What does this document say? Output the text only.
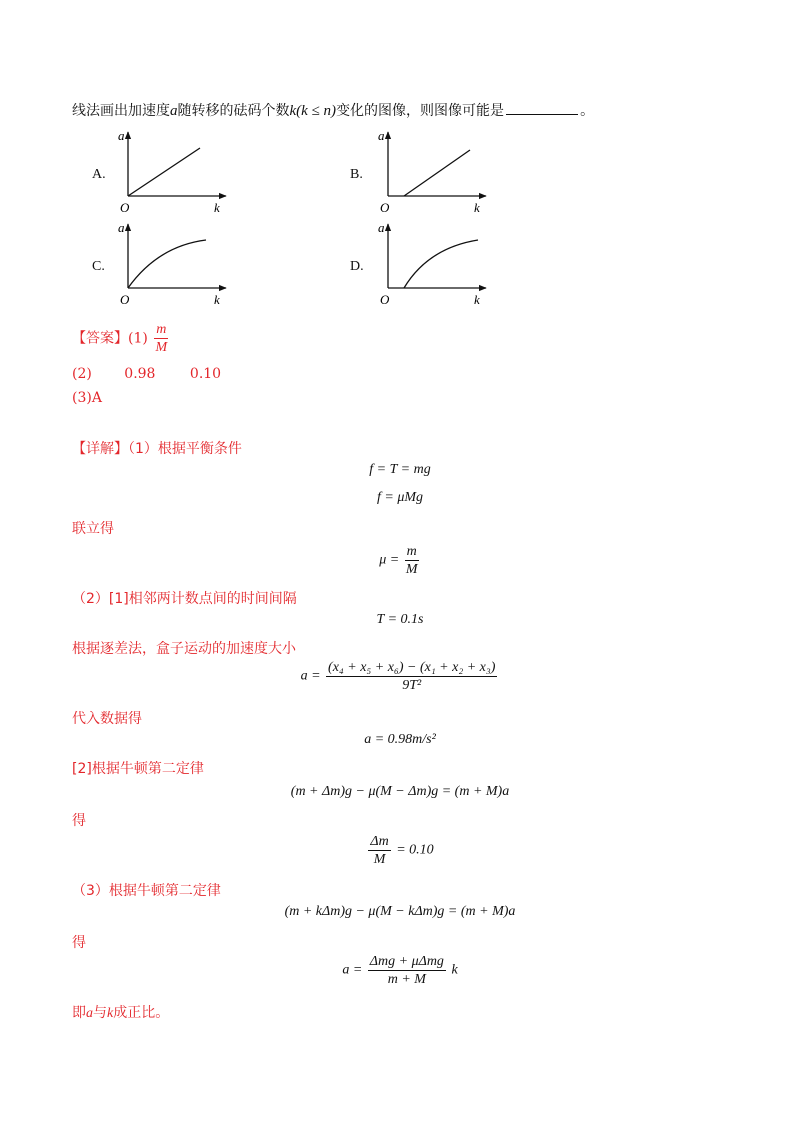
线法画出加速度a随转移的砝码个数k(k ≤ n)变化的图像，则图像可能是	。
A.
a
k
O
B.
a
k
O
C.
a
k
O
D.
a
k
O
【答案】$(1) \frac{m}{M}$
(2) 0.98 0.10
(3)A
【详解】（1）根据平衡条件
f = T = mg
f = μMg
联立得
$\mu = \frac{m}{M}$
（2）[1]相邻两计数点间的时间间隔
T = 0.1s
根据逐差法，盒子运动的加速度大小
$a = \frac{\text{(x₄ + x₅ + x₆) − (x₁ + x₂ + x₃)}}{\text{9T²}}$
代入数据得
a = 0.98m/s²
[2]根据牛顿第二定律
(m + Δm)g − μ(M − Δm)g = (m + M)a
得
$\frac{\Delta m}{M} = 0.10$
（3）根据牛顿第二定律
(m + kΔm)g − μ(M − kΔm)g = (m + M)a
得
$a = \frac{\text{Δmg + μΔmg}}{m + M}$ k
即a与k成正比。
